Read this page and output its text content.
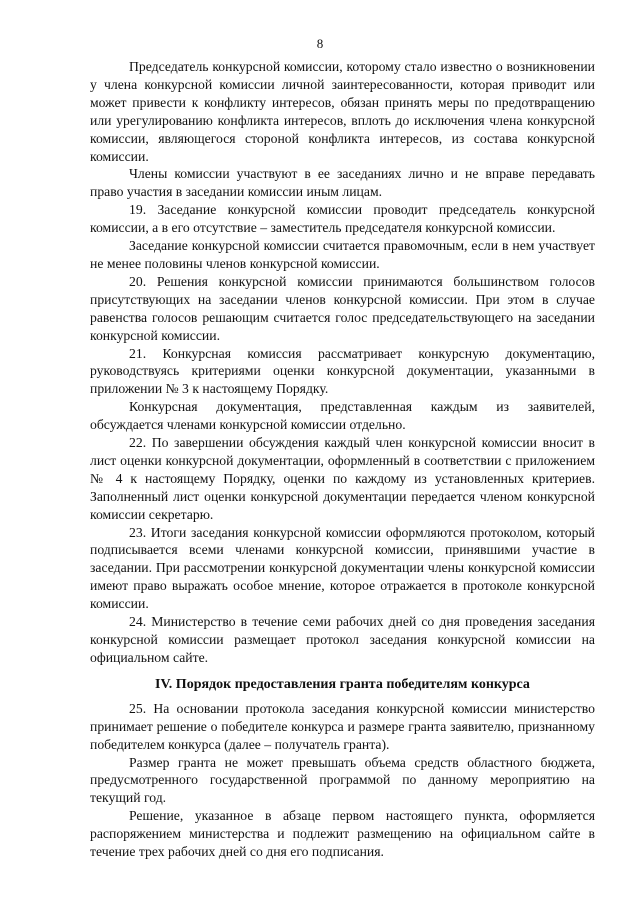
8

Председатель конкурсной комиссии, которому стало известно о возникновении у члена конкурсной комиссии личной заинтересованности, которая приводит или может привести к конфликту интересов, обязан принять меры по предотвращению или урегулированию конфликта интересов, вплоть до исключения члена конкурсной комиссии, являющегося стороной конфликта интересов, из состава конкурсной комиссии.

Члены комиссии участвуют в ее заседаниях лично и не вправе передавать право участия в заседании комиссии иным лицам.

19. Заседание конкурсной комиссии проводит председатель конкурсной комиссии, а в его отсутствие – заместитель председателя конкурсной комиссии.

Заседание конкурсной комиссии считается правомочным, если в нем участвует не менее половины членов конкурсной комиссии.

20. Решения конкурсной комиссии принимаются большинством голосов присутствующих на заседании членов конкурсной комиссии. При этом в случае равенства голосов решающим считается голос председательствующего на заседании конкурсной комиссии.

21. Конкурсная комиссия рассматривает конкурсную документацию, руководствуясь критериями оценки конкурсной документации, указанными в приложении № 3 к настоящему Порядку.

Конкурсная документация, представленная каждым из заявителей, обсуждается членами конкурсной комиссии отдельно.

22. По завершении обсуждения каждый член конкурсной комиссии вносит в лист оценки конкурсной документации, оформленный в соответствии с приложением № 4 к настоящему Порядку, оценки по каждому из установленных критериев. Заполненный лист оценки конкурсной документации передается членом конкурсной комиссии секретарю.

23. Итоги заседания конкурсной комиссии оформляются протоколом, который подписывается всеми членами конкурсной комиссии, принявшими участие в заседании. При рассмотрении конкурсной документации члены конкурсной комиссии имеют право выражать особое мнение, которое отражается в протоколе конкурсной комиссии.

24. Министерство в течение семи рабочих дней со дня проведения заседания конкурсной комиссии размещает протокол заседания конкурсной комиссии на официальном сайте.

IV. Порядок предоставления гранта победителям конкурса

25. На основании протокола заседания конкурсной комиссии министерство принимает решение о победителе конкурса и размере гранта заявителю, признанному победителем конкурса (далее – получатель гранта).

Размер гранта не может превышать объема средств областного бюджета, предусмотренного государственной программой по данному мероприятию на текущий год.

Решение, указанное в абзаце первом настоящего пункта, оформляется распоряжением министерства и подлежит размещению на официальном сайте в течение трех рабочих дней со дня его подписания.
